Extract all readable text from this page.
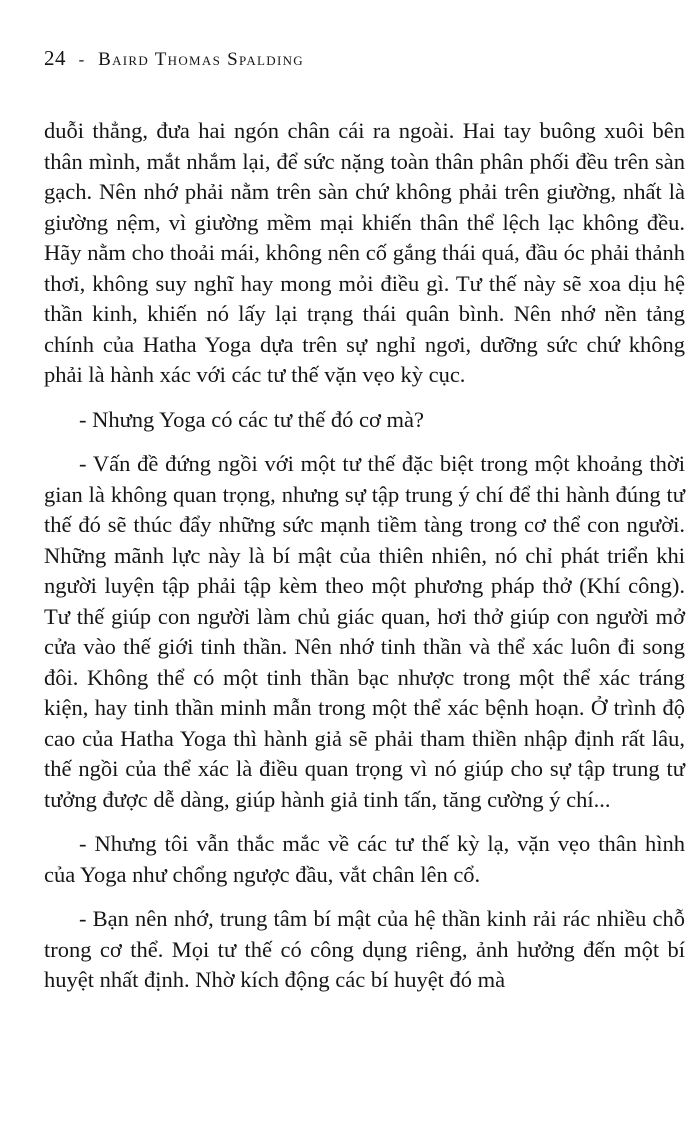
24 - Baird Thomas Spalding

duỗi thẳng, đưa hai ngón chân cái ra ngoài. Hai tay buông xuôi bên thân mình, mắt nhắm lại, để sức nặng toàn thân phân phối đều trên sàn gạch. Nên nhớ phải nằm trên sàn chứ không phải trên giường, nhất là giường nệm, vì giường mềm mại khiến thân thể lệch lạc không đều. Hãy nằm cho thoải mái, không nên cố gắng thái quá, đầu óc phải thảnh thơi, không suy nghĩ hay mong mỏi điều gì. Tư thế này sẽ xoa dịu hệ thần kinh, khiến nó lấy lại trạng thái quân bình. Nên nhớ nền tảng chính của Hatha Yoga dựa trên sự nghỉ ngơi, dưỡng sức chứ không phải là hành xác với các tư thế vặn vẹo kỳ cục.

- Nhưng Yoga có các tư thế đó cơ mà?

- Vấn đề đứng ngồi với một tư thế đặc biệt trong một khoảng thời gian là không quan trọng, nhưng sự tập trung ý chí để thi hành đúng tư thế đó sẽ thúc đẩy những sức mạnh tiềm tàng trong cơ thể con người. Những mãnh lực này là bí mật của thiên nhiên, nó chỉ phát triển khi người luyện tập phải tập kèm theo một phương pháp thở (Khí công). Tư thế giúp con người làm chủ giác quan, hơi thở giúp con người mở cửa vào thế giới tinh thần. Nên nhớ tinh thần và thể xác luôn đi song đôi. Không thể có một tinh thần bạc nhược trong một thể xác tráng kiện, hay tinh thần minh mẫn trong một thể xác bệnh hoạn. Ở trình độ cao của Hatha Yoga thì hành giả sẽ phải tham thiền nhập định rất lâu, thế ngồi của thể xác là điều quan trọng vì nó giúp cho sự tập trung tư tưởng được dễ dàng, giúp hành giả tinh tấn, tăng cường ý chí...

- Nhưng tôi vẫn thắc mắc về các tư thế kỳ lạ, vặn vẹo thân hình của Yoga như chổng ngược đầu, vắt chân lên cổ.

- Bạn nên nhớ, trung tâm bí mật của hệ thần kinh rải rác nhiều chỗ trong cơ thể. Mọi tư thế có công dụng riêng, ảnh hưởng đến một bí huyệt nhất định. Nhờ kích động các bí huyệt đó mà
